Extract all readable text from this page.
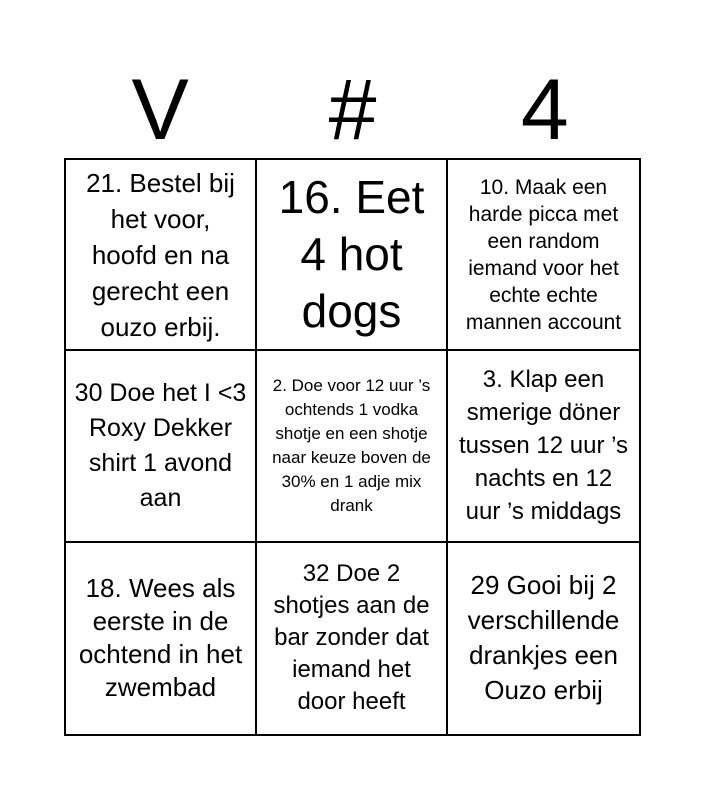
V	#	4
21. Bestel bij het voor, hoofd en na gerecht een ouzo erbij.
16. Eet 4 hot dogs
10. Maak een harde picca met een random iemand voor het echte echte mannen account
30 Doe het I <3 Roxy Dekker shirt 1 avond aan
2. Doe voor 12 uur ’s ochtends 1 vodka shotje en een shotje naar keuze boven de 30% en 1 adje mix drank
3. Klap een smerige döner tussen 12 uur ’s nachts en 12 uur ’s middags
18. Wees als eerste in de ochtend in het zwembad
32 Doe 2 shotjes aan de bar zonder dat iemand het door heeft
29 Gooi bij 2 verschillende drankjes een Ouzo erbij
